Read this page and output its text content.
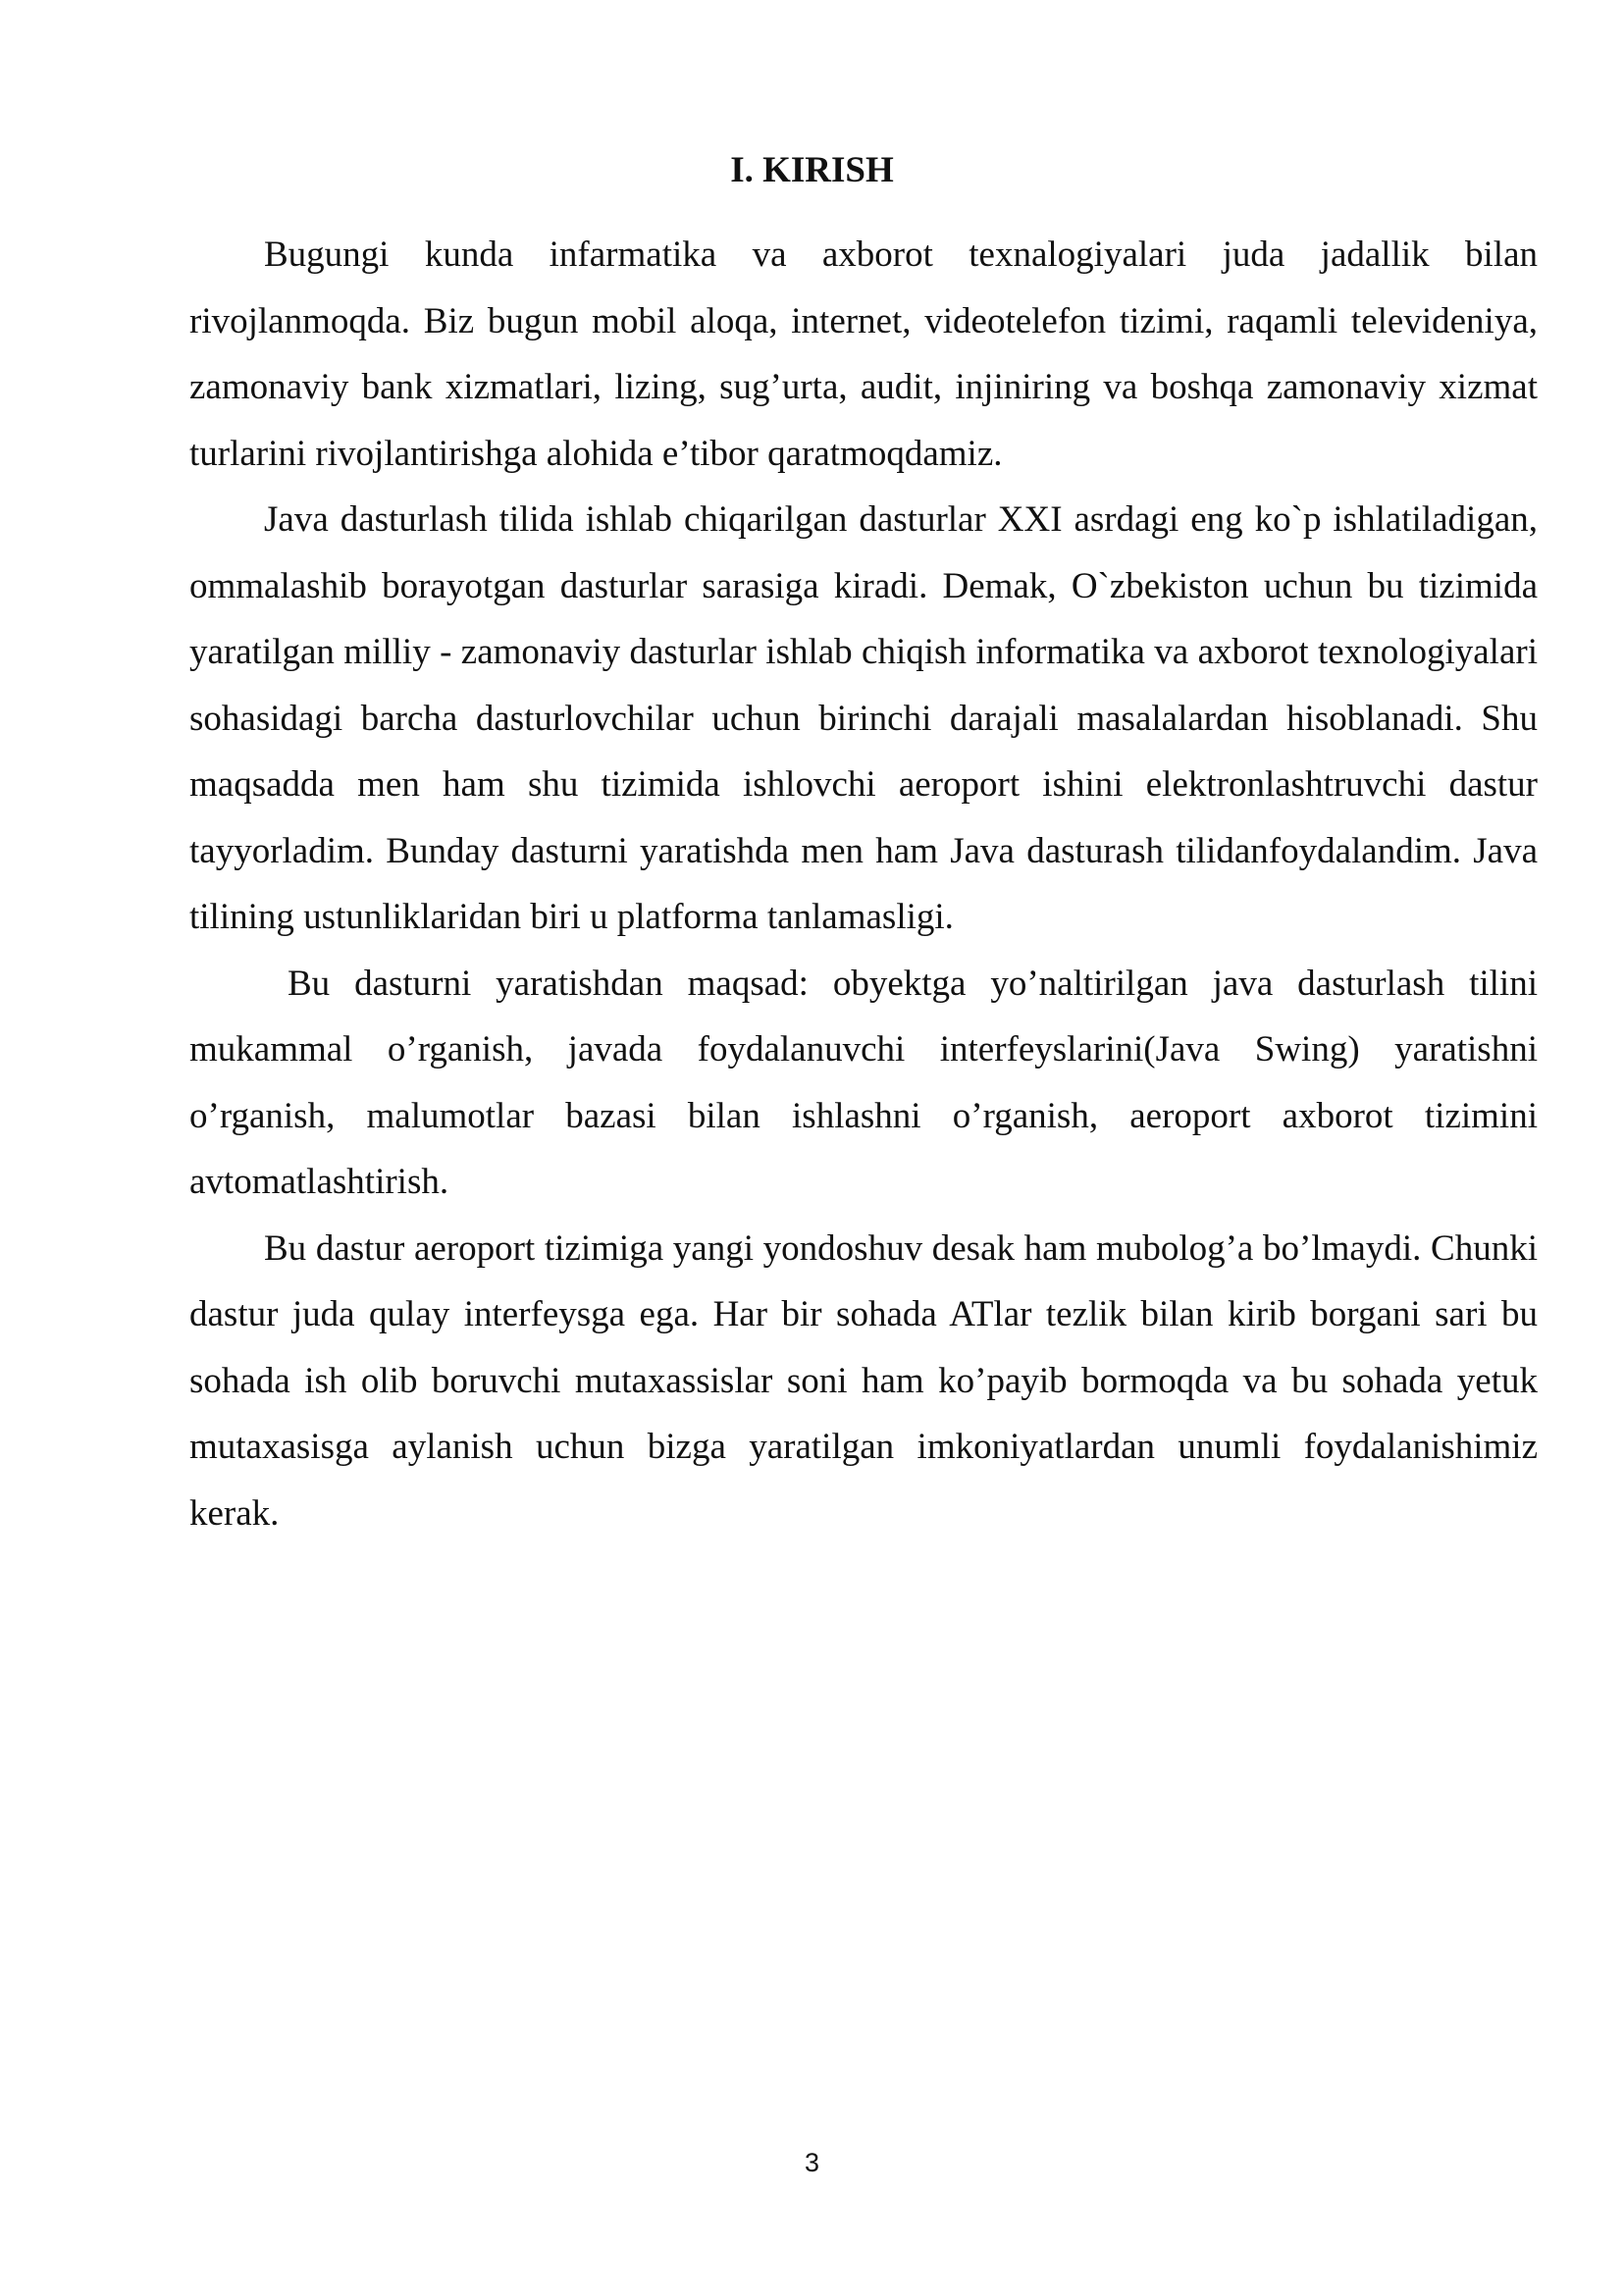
I. KIRISH

Bugungi kunda infarmatika va axborot texnalogiyalari juda jadallik bilan rivojlanmoqda. Biz bugun mobil aloqa, internet, videotelefon tizimi, raqamli televideniya, zamonaviy bank xizmatlari, lizing, sug’urta, audit, injiniring va boshqa zamonaviy xizmat turlarini rivojlantirishga alohida e’tibor qaratmoqdamiz.

Java dasturlash tilida ishlab chiqarilgan dasturlar XXI asrdagi eng ko`p ishlatiladigan, ommalashib borayotgan dasturlar sarasiga kiradi. Demak, O`zbekiston uchun bu tizimida yaratilgan milliy - zamonaviy dasturlar ishlab chiqish informatika va axborot texnologiyalari sohasidagi barcha dasturlovchilar uchun birinchi darajali masalalardan hisoblanadi. Shu maqsadda men ham shu tizimida ishlovchi aeroport ishini elektronlashtruvchi dastur tayyorladim. Bunday dasturni yaratishda men ham Java dasturash tilidanfoydalandim. Java tilining ustunliklaridan biri u platforma tanlamasligi.

Bu dasturni yaratishdan maqsad: obyektga yo’naltirilgan java dasturlash tilini mukammal o’rganish, javada foydalanuvchi interfeyslarini(Java Swing) yaratishni o’rganish, malumotlar bazasi bilan ishlashni o’rganish, aeroport axborot tizimini avtomatlashtirish.

Bu dastur aeroport tizimiga yangi yondoshuv desak ham mubolog’a bo’lmaydi. Chunki dastur juda qulay interfeysga ega. Har bir sohada ATlar tezlik bilan kirib borgani sari bu sohada ish olib boruvchi mutaxassislar soni ham ko’payib bormoqda va bu sohada yetuk mutaxasisga aylanish uchun bizga yaratilgan imkoniyatlardan unumli foydalanishimiz kerak.

3
